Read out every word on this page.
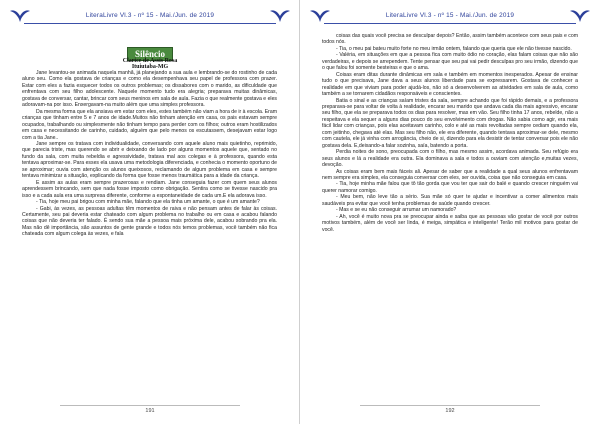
LiteraLivre Vl.3 - nº 15 - Mai./Jun. de 2019
Silêncio
Clarice de Assis Rosa
Ituiutaba-MG

Jane levantou-se animada naquela manhã, já planejando a sua aula e lembrando-se do rostinho de cada aluno seu. Como ela gostava de crianças e como ela desempenhava seu papel de professora com prazer. Estar com eles a fazia esquecer todos os outros problemas; os dissabores com o marido, as dificuldade que enfrentava com seu filho adolescente. Naquele momento tudo era alegria; preparava muitas dinâmicas, gostava de conversar, cantar, brincar com seus meninos em sala de aula. Fazia o que realmente gostava e eles adoravam-na por isso. Enxergavam-na muito além que uma simples professora.

Da mesma forma que ela ansiava em estar com eles, estes também não viam a hora de ir à escola. Eram crianças que tinham entre 5 e 7 anos de idade.Muitos não tinham atenção em casa, os pais estavam sempre ocupados, trabalhando ou simplesmente não tinham tempo para perder com os filhos; outros eram hostilizados em casa e necessitando de carinho, cuidado, alguém que pelo menos os escutassem, desejavam estar logo com a tia Jane..

Jane sempre os tratava com individualidade, conversando com aquele aluno mais quietinho, reprimido, que parecia triste, mas querendo se abrir e deixando de lado por alguns momentos aquele que, sentado no fundo da sala, com muita rebeldia e agressividade, tratava mal aos colegas e à professora, quando esta tentava aproximar-se. Para esses ela usava uma metodologia diferenciada, e conhecia o momento oportuno de se aproximar; ouvia com atenção os alunos queixosos, reclamando de algum problema em casa e sempre tentava minimizar a situação, explicando da forma que fosse menos traumática para a idade da criança.

E assim as aulas eram sempre prazerosas e rendiam. Jane conseguia fazer com quem seus alunos aprendessem brincando, sem que nada fosse imposto como obrigação. Sentira como se tivesse nascido pra isso e a cada aula era uma surpresa diferente, conforme a espontaneidade de cada um.E ela adorava isso.

- Tia, hoje meu pai brigou com minha mãe, falando que ela tinha um amante, o que é um amante?

- Gabi, às vezes, as pessoas adultas têm momentos de raiva e não pensam antes de falar às coisas. Certamente, seu pai deveria estar chateado com algum problema no trabalho ou em casa e acabou falando coisas que não deveria ter falado. É sendo sua mãe a pessoa mais próxima dele, acabou sobrando pra ela. Mas não dê importância, são assuntos de gente grande e todos nós temos problemas, você também não fica chateada com algum colega às vezes, e fala

191
LiteraLivre Vl.3 - nº 15 - Mai./Jun. de 2019

coisas das quais você precisa se desculpar depois? Então, assim também acontece com seus pais e com todos nós.

- Tia, o meu pai bateu muito forte no meu irmão ontem, falando que queria que ele não tivesse nascido.

- Valéria, em situações em que a pessoa fica com muito ódio no coração, elas falam coisas que não são verdadeiras, e depois se arrependem. Tente pensar que seu pai vai pedir desculpas pro seu irmão, dizendo que o que falou foi somente besteiras e que o ama.

Coisas eram ditas durante dinâmicas em sala e também em momentos inesperados. Apesar de ensinar tudo o que precisava, Jane dava a seus alunos liberdade para se expressarem. Gostava de conhecer a realidade em que viviam para poder ajudá-los, não só a desenvolverem as atividades em sala de aula, como também a se tornarem cidadãos responsáveis e conscientes.

Batia o sinal e as crianças saíam tristes da sala, sempre achando que foi rápido demais, e a professora preparava-se para voltar de volta à realidade, encarar seu marido que andava cada dia mais agressivo, encarar seu filho, que ela se preparava todos os dias para resolver, mas em vão. Seu filho tinha 17 anos, rebelde, não a respeitava e ela sequer a alguns dias pouco do seu envolvimento com drogas. Não sabia como agir, era mais fácil lidar com crianças, pois elas aceitavam carinho, colo e até as mais revoltadas sempre cediam quando ela, com jeitinho, chegava até elas. Mas seu filho não, ele era diferente, quando tentava aproximar-se dele, mesmo com cautela, ele já vinha com arrogância, cheio de si, dizendo para ela desistir de tentar conversar pois ele não gostava dela. E,deixando-a falar sozinha, saía, batendo a porta.

Perdia noites de sono, preocupada com o filho, mas mesmo assim, acordava animada. Seu refúgio era seus alunos e lá a realidade era outra. Ela dominava a sala e todos a ouviam com atenção e,muitas vezes, devoção.

As coisas eram bem mais fáceis ali. Apesar de saber que a realidade a qual seus alunos enfrentavam nem sempre era simples, ela conseguia conversar com eles, ser ouvida, coisa que não conseguia em casa.

- Tia, hoje minha mãe falou que tô tão gorda que vou ter que sair do balé e quando crescer ninguém vai querer namorar comigo.

- Meu bem, não leve tão a sério. Sua mãe só quer te ajudar e incentivar a comer alimentos mais saudáveis pra evitar que você tenha problemas de saúde quando crescer.

- Mas e se eu não conseguir arrumar um namorado?

- Ah, você é muito nova pra se preocupar ainda e saiba que as pessoas vão gostar de você por outros motivos também, além de você ser linda, é meiga, simpática e inteligente! Terão mil motivos para gostar de você.

192
